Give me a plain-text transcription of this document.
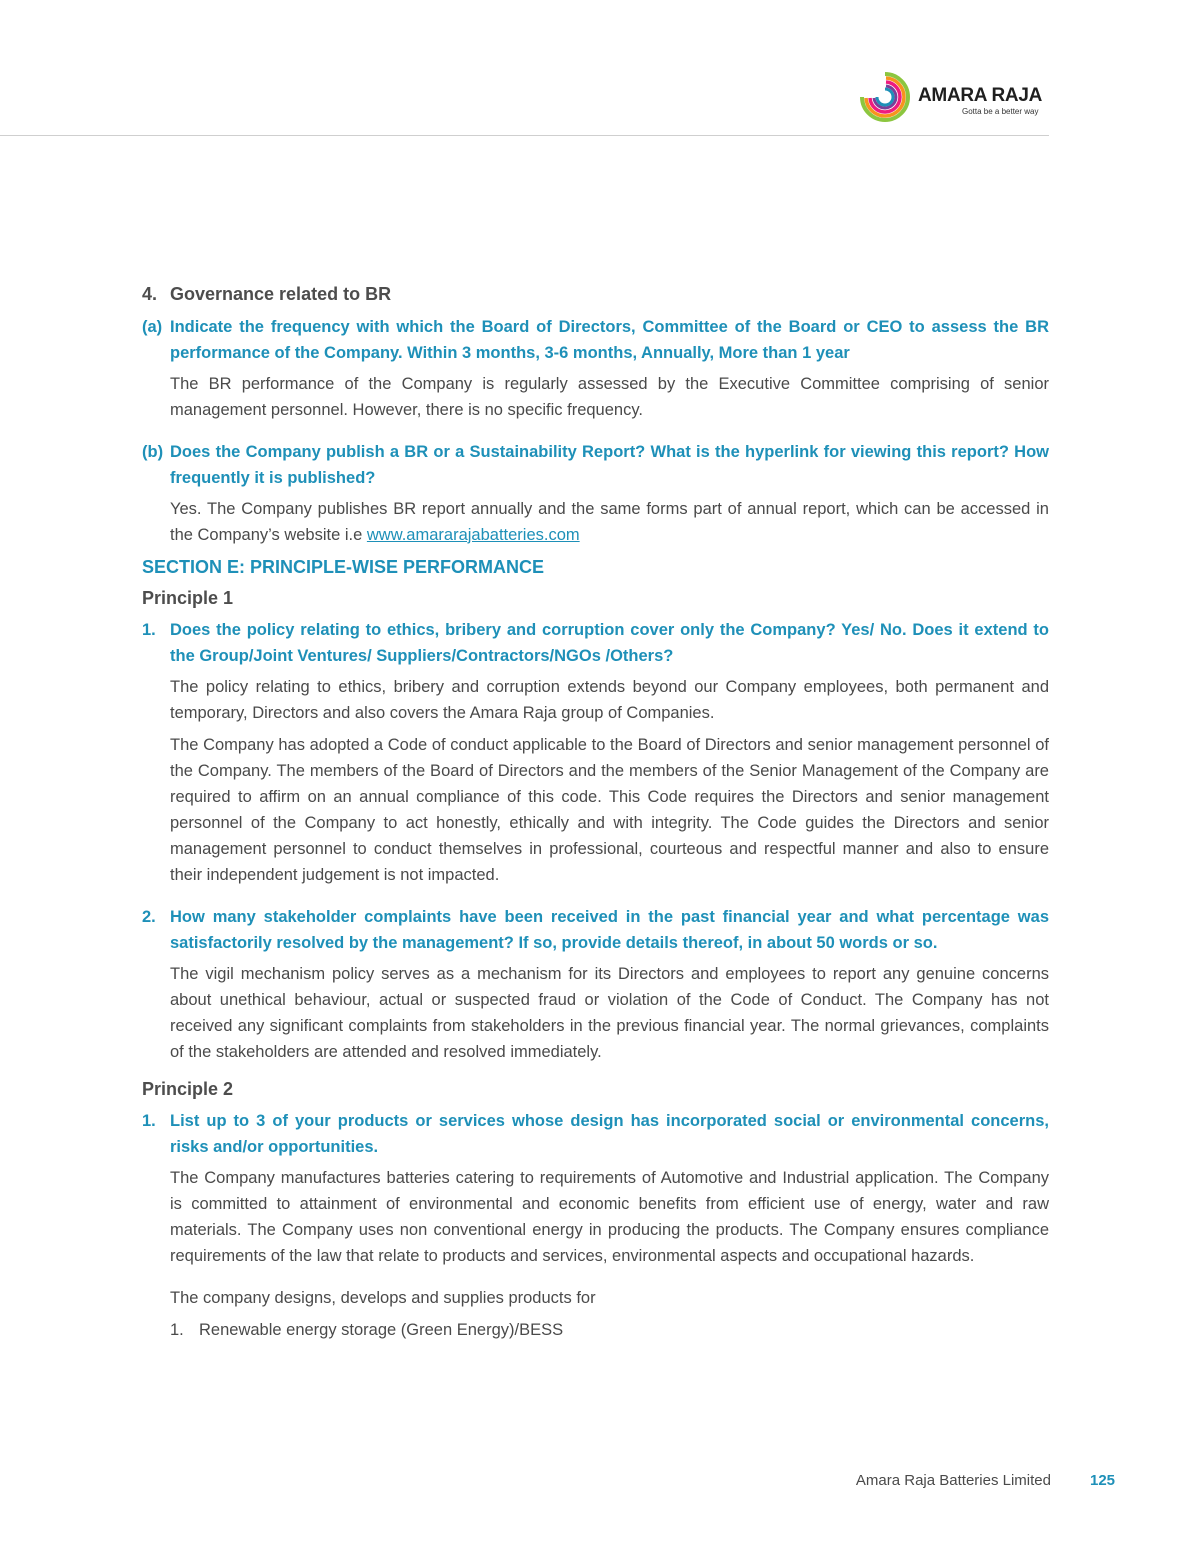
AMARA RAJA
Gotta be a better way
4. Governance related to BR
(a) Indicate the frequency with which the Board of Directors, Committee of the Board or CEO to assess the BR performance of the Company. Within 3 months, 3-6 months, Annually, More than 1 year
The BR performance of the Company is regularly assessed by the Executive Committee comprising of senior management personnel. However, there is no specific frequency.
(b) Does the Company publish a BR or a Sustainability Report? What is the hyperlink for viewing this report? How frequently it is published?
Yes. The Company publishes BR report annually and the same forms part of annual report, which can be accessed in the Company’s website i.e www.amararajabatteries.com
SECTION E: PRINCIPLE-WISE PERFORMANCE
Principle 1
1. Does the policy relating to ethics, bribery and corruption cover only the Company? Yes/ No. Does it extend to the Group/Joint Ventures/ Suppliers/Contractors/NGOs /Others?
The policy relating to ethics, bribery and corruption extends beyond our Company employees, both permanent and temporary, Directors and also covers the Amara Raja group of Companies.
The Company has adopted a Code of conduct applicable to the Board of Directors and senior management personnel of the Company. The members of the Board of Directors and the members of the Senior Management of the Company are required to affirm on an annual compliance of this code. This Code requires the Directors and senior management personnel of the Company to act honestly, ethically and with integrity. The Code guides the Directors and senior management personnel to conduct themselves in professional, courteous and respectful manner and also to ensure their independent judgement is not impacted.
2. How many stakeholder complaints have been received in the past financial year and what percentage was satisfactorily resolved by the management? If so, provide details thereof, in about 50 words or so.
The vigil mechanism policy serves as a mechanism for its Directors and employees to report any genuine concerns about unethical behaviour, actual or suspected fraud or violation of the Code of Conduct. The Company has not received any significant complaints from stakeholders in the previous financial year. The normal grievances, complaints of the stakeholders are attended and resolved immediately.
Principle 2
1. List up to 3 of your products or services whose design has incorporated social or environmental concerns, risks and/or opportunities.
The Company manufactures batteries catering to requirements of Automotive and Industrial application. The Company is committed to attainment of environmental and economic benefits from efficient use of energy, water and raw materials. The Company uses non conventional energy in producing the products. The Company ensures compliance requirements of the law that relate to products and services, environmental aspects and occupational hazards.
The company designs, develops and supplies products for
1. Renewable energy storage (Green Energy)/BESS
Amara Raja Batteries Limited	125
